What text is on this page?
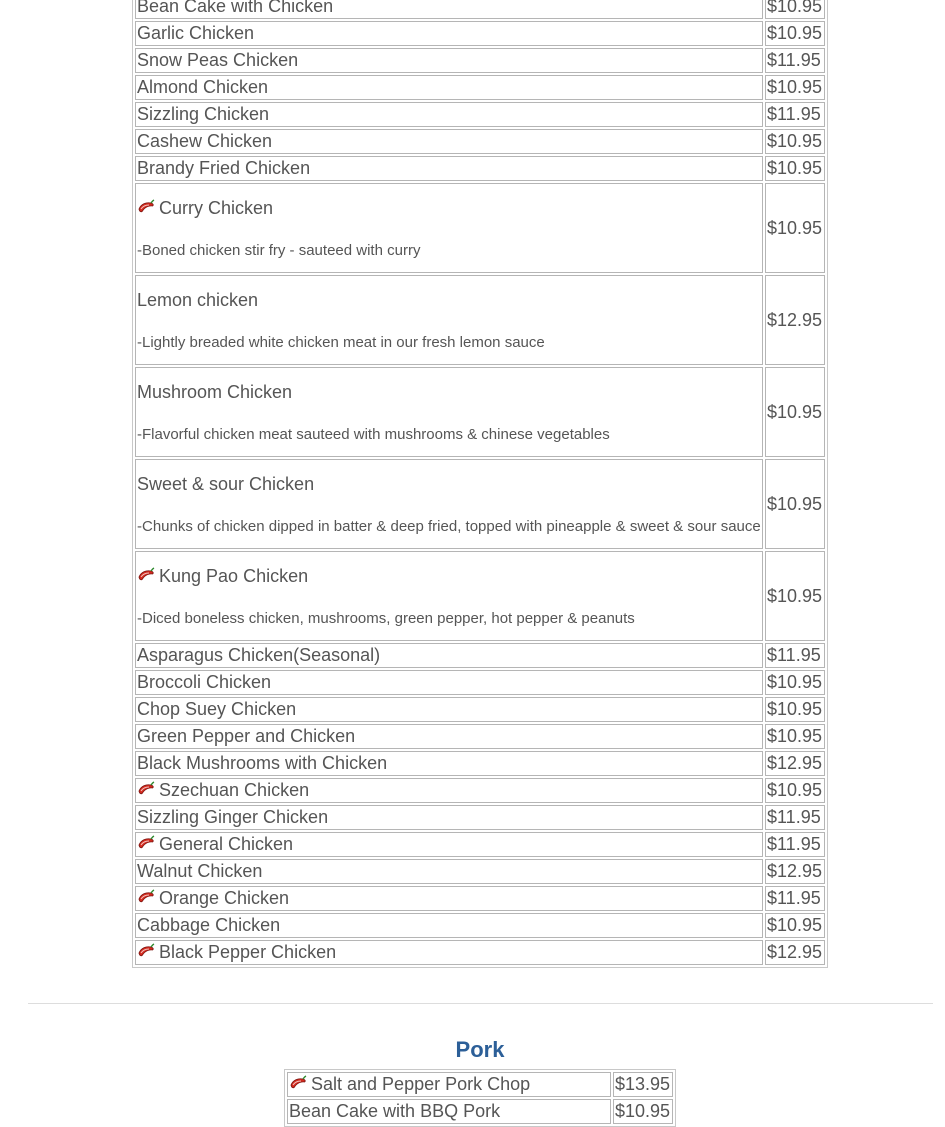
Bean Cake with Chicken	$10.95
Garlic Chicken	$10.95
Snow Peas Chicken	$11.95
Almond Chicken	$10.95
Sizzling Chicken	$11.95
Cashew Chicken	$10.95
Brandy Fried Chicken	$10.95

Curry Chicken
-Boned chicken stir fry - sauteed with curry	$10.95

Lemon chicken
-Lightly breaded white chicken meat in our fresh lemon sauce	$12.95

Mushroom Chicken
-Flavorful chicken meat sauteed with mushrooms & chinese vegetables	$10.95

Sweet & sour Chicken
-Chunks of chicken dipped in batter & deep fried, topped with pineapple & sweet & sour sauce	$10.95

Kung Pao Chicken
-Diced boneless chicken, mushrooms, green pepper, hot pepper & peanuts	$10.95
Asparagus Chicken(Seasonal)	$11.95
Broccoli Chicken	$10.95
Chop Suey Chicken	$10.95
Green Pepper and Chicken	$10.95
Black Mushrooms with Chicken	$12.95
Szechuan Chicken	$10.95
Sizzling Ginger Chicken	$11.95
General Chicken	$11.95
Walnut Chicken	$12.95
Orange Chicken	$11.95
Cabbage Chicken	$10.95
Black Pepper Chicken	$12.95
Pork
Salt and Pepper Pork Chop	$13.95
Bean Cake with BBQ Pork	$10.95
